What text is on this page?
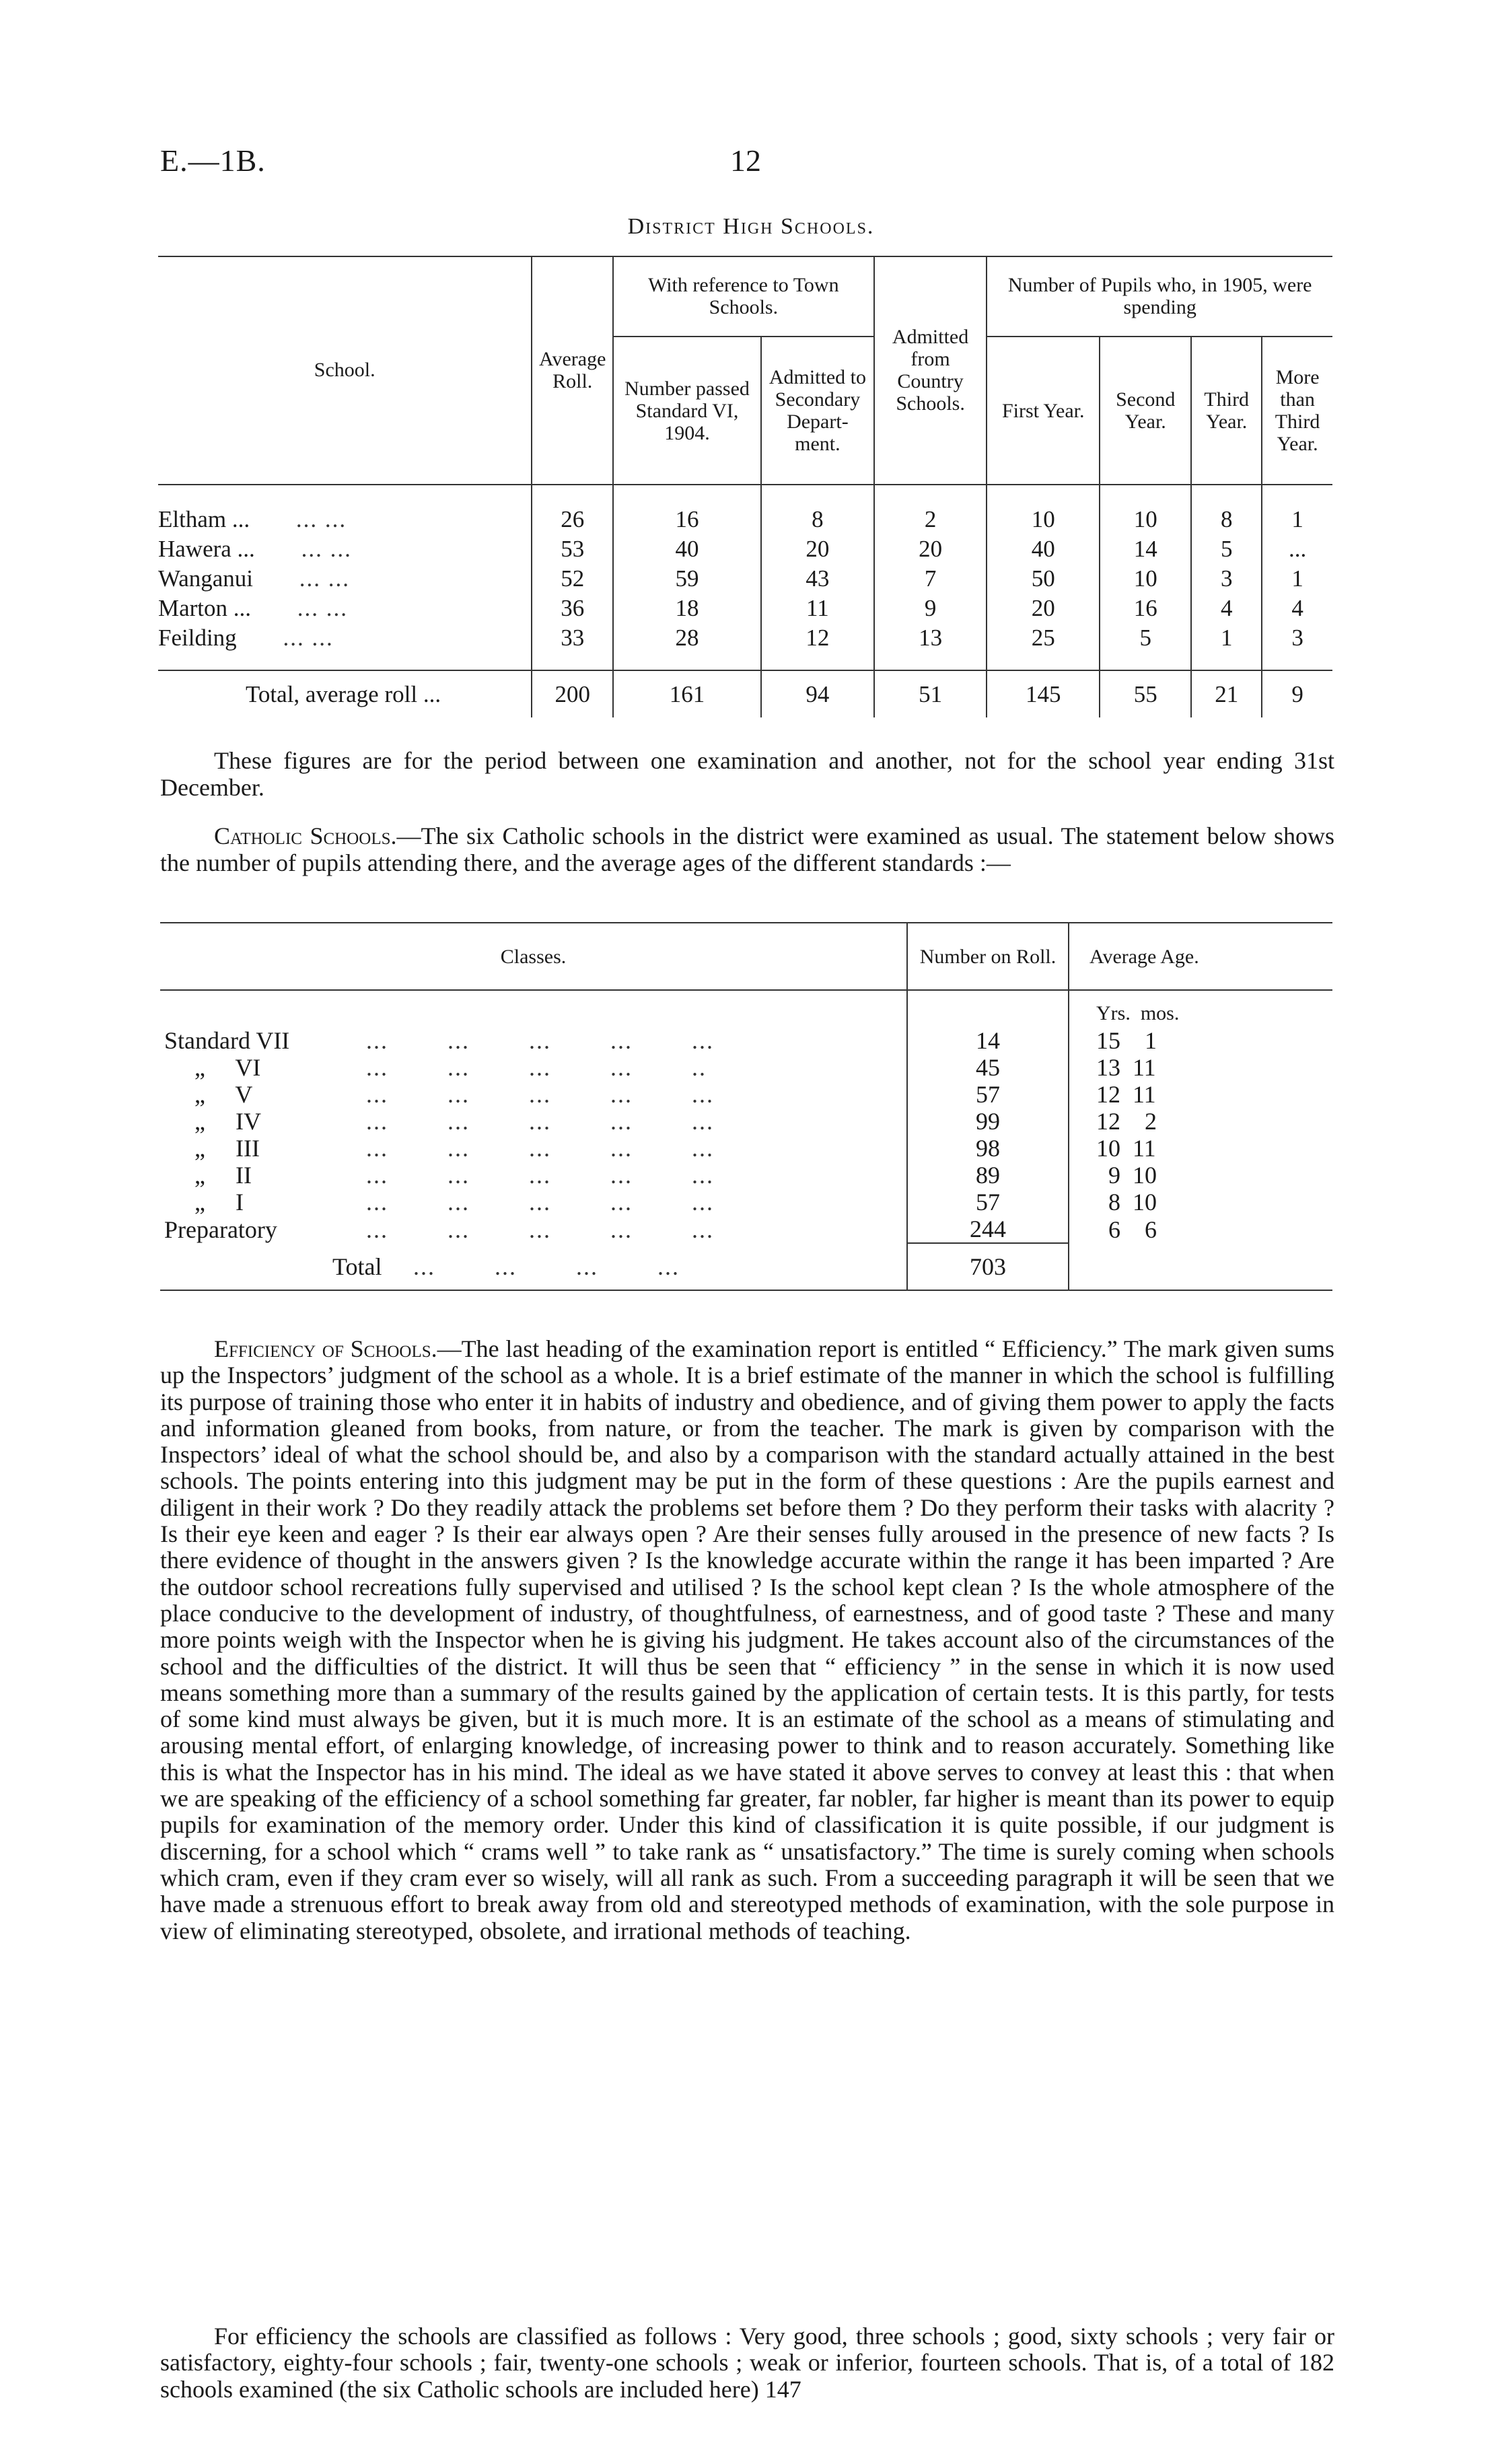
E.—1B.	12
District High Schools.
School.	Average Roll.	With reference to Town Schools.		Admitted from Country Schools.	Number of Pupils who, in 1905, were spending			
		Number passed Standard VI, 1904.	Admitted to Secondary Depart- ment.		First Year.	Second Year.	Third Year.	More than Third Year.

Eltham ... ... ...	26	16	8	2	10	10	8	1
Hawera ... ... ...	53	40	20	20	40	14	5	...
Wanganui ... ...	52	59	43	7	50	10	3	1
Marton ... ... ...	36	18	11	9	20	16	4	4
Feilding ... ...	33	28	12	13	25	5	1	3

Total, average roll ...	200	161	94	51	145	55	21	9
These figures are for the period between one examination and another, not for the school year ending 31st December.
Catholic Schools.—The six Catholic schools in the district were examined as usual. The statement below shows the number of pupils attending there, and the average ages of the different standards :—
Classes.	Number on Roll.	Average Age.
		Yrs.  mos.
Standard VII ...        ...        ...        ...        ...	14	15    1
„     VI ...        ...        ...        ...        ..	45	13  11
„     V ...        ...        ...        ...        ...	57	12  11
„     IV ...        ...        ...        ...        ...	99	12    2
„     III ...        ...        ...        ...        ...	98	10  11
„     II ...        ...        ...        ...        ...	89	9  10
„     I ...        ...        ...        ...        ...	57	8  10
Preparatory ...        ...        ...        ...        ...	244	6    6
Total ...        ...        ...        ...	703	
Efficiency of Schools.—The last heading of the examination report is entitled “ Efficiency.” The mark given sums up the Inspectors’ judgment of the school as a whole. It is a brief estimate of the manner in which the school is fulfilling its purpose of training those who enter it in habits of industry and obedience, and of giving them power to apply the facts and information gleaned from books, from nature, or from the teacher. The mark is given by comparison with the Inspectors’ ideal of what the school should be, and also by a comparison with the standard actually attained in the best schools. The points entering into this judgment may be put in the form of these questions : Are the pupils earnest and diligent in their work ? Do they readily attack the problems set before them ? Do they perform their tasks with alacrity ? Is their eye keen and eager ? Is their ear always open ? Are their senses fully aroused in the presence of new facts ? Is there evidence of thought in the answers given ? Is the knowledge accurate within the range it has been imparted ? Are the outdoor school recreations fully supervised and utilised ? Is the school kept clean ? Is the whole atmosphere of the place conducive to the development of industry, of thoughtfulness, of earnestness, and of good taste ? These and many more points weigh with the Inspector when he is giving his judgment. He takes account also of the circumstances of the school and the difficulties of the district. It will thus be seen that “ efficiency ” in the sense in which it is now used means something more than a summary of the results gained by the application of certain tests. It is this partly, for tests of some kind must always be given, but it is much more. It is an estimate of the school as a means of stimulating and arousing mental effort, of enlarging knowledge, of increasing power to think and to reason accurately. Something like this is what the Inspector has in his mind. The ideal as we have stated it above serves to convey at least this : that when we are speaking of the efficiency of a school something far greater, far nobler, far higher is meant than its power to equip pupils for examination of the memory order. Under this kind of classification it is quite possible, if our judgment is discerning, for a school which “ crams well ” to take rank as “ unsatisfactory.” The time is surely coming when schools which cram, even if they cram ever so wisely, will all rank as such. From a succeeding paragraph it will be seen that we have made a strenuous effort to break away from old and stereotyped methods of examination, with the sole purpose in view of eliminating stereotyped, obsolete, and irrational methods of teaching.
For efficiency the schools are classified as follows : Very good, three schools ; good, sixty schools ; very fair or satisfactory, eighty-four schools ; fair, twenty-one schools ; weak or inferior, fourteen schools. That is, of a total of 182 schools examined (the six Catholic schools are included here) 147
